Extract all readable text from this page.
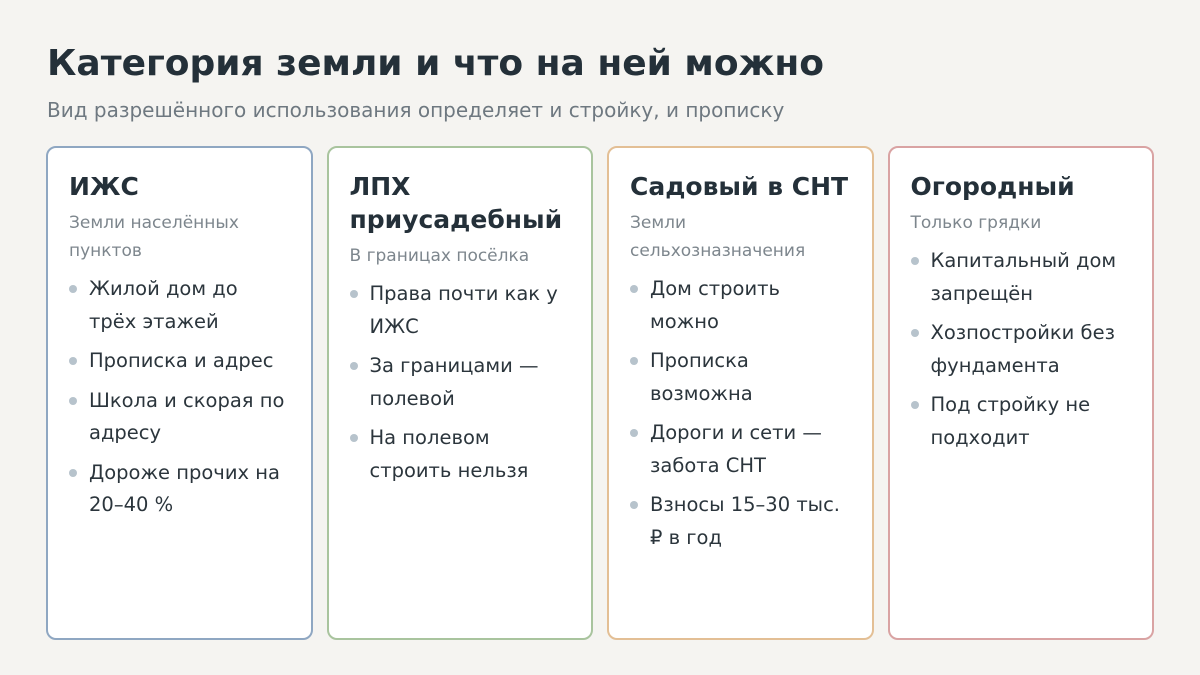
Категория земли и что на ней можно

Вид разрешённого использования определяет и стройку, и прописку

ИЖС

Земли населённых пунктов

Жилой дом до трёх этажей
Прописка и адрес
Школа и скорая по адресу
Дороже прочих на 20–40 %
ЛПХ приусадебный

В границах посёлка

Права почти как у ИЖС
За границами — полевой
На полевом строить нельзя
Садовый в СНТ

Земли сельхозназначения

Дом строить можно
Прописка возможна
Дороги и сети — забота СНТ
Взносы 15–30 тыс. ₽ в год
Огородный

Только грядки

Капитальный дом запрещён
Хозпостройки без фундамента
Под стройку не подходит
